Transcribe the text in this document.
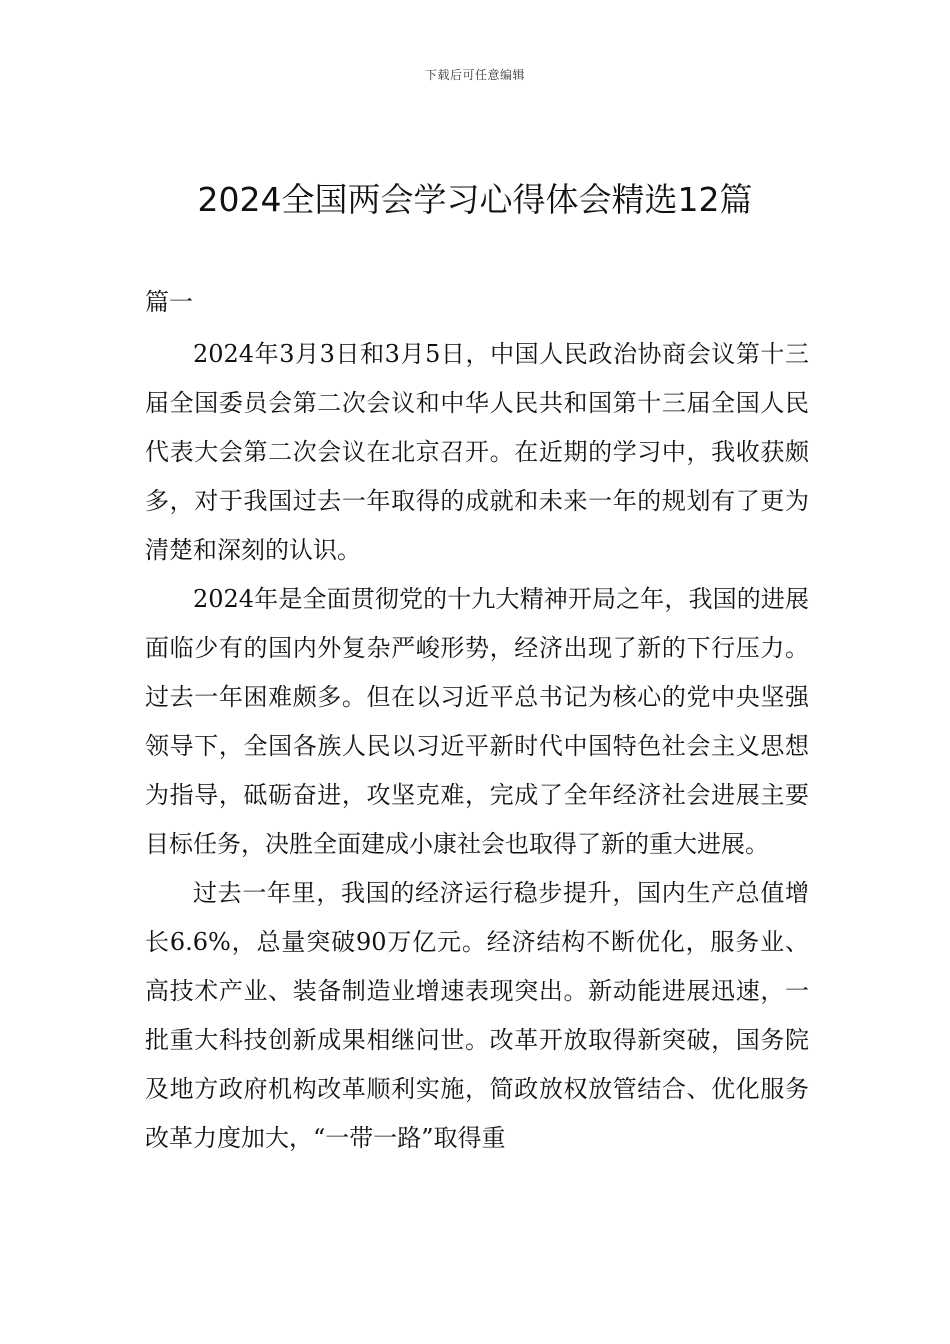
下载后可任意编辑
2024全国两会学习心得体会精选12篇
篇一

2024年3月3日和3月5日，中国人民政治协商会议第十三届全国委员会第二次会议和中华人民共和国第十三届全国人民代表大会第二次会议在北京召开。在近期的学习中，我收获颇多，对于我国过去一年取得的成就和未来一年的规划有了更为清楚和深刻的认识。

2024年是全面贯彻党的十九大精神开局之年，我国的进展面临少有的国内外复杂严峻形势，经济出现了新的下行压力。过去一年困难颇多。但在以习近平总书记为核心的党中央坚强领导下，全国各族人民以习近平新时代中国特色社会主义思想为指导，砥砺奋进，攻坚克难，完成了全年经济社会进展主要目标任务，决胜全面建成小康社会也取得了新的重大进展。

过去一年里，我国的经济运行稳步提升，国内生产总值增长6.6%，总量突破90万亿元。经济结构不断优化，服务业、高技术产业、装备制造业增速表现突出。新动能进展迅速，一批重大科技创新成果相继问世。改革开放取得新突破，国务院及地方政府机构改革顺利实施，简政放权放管结合、优化服务改革力度加大，“一带一路”取得重
